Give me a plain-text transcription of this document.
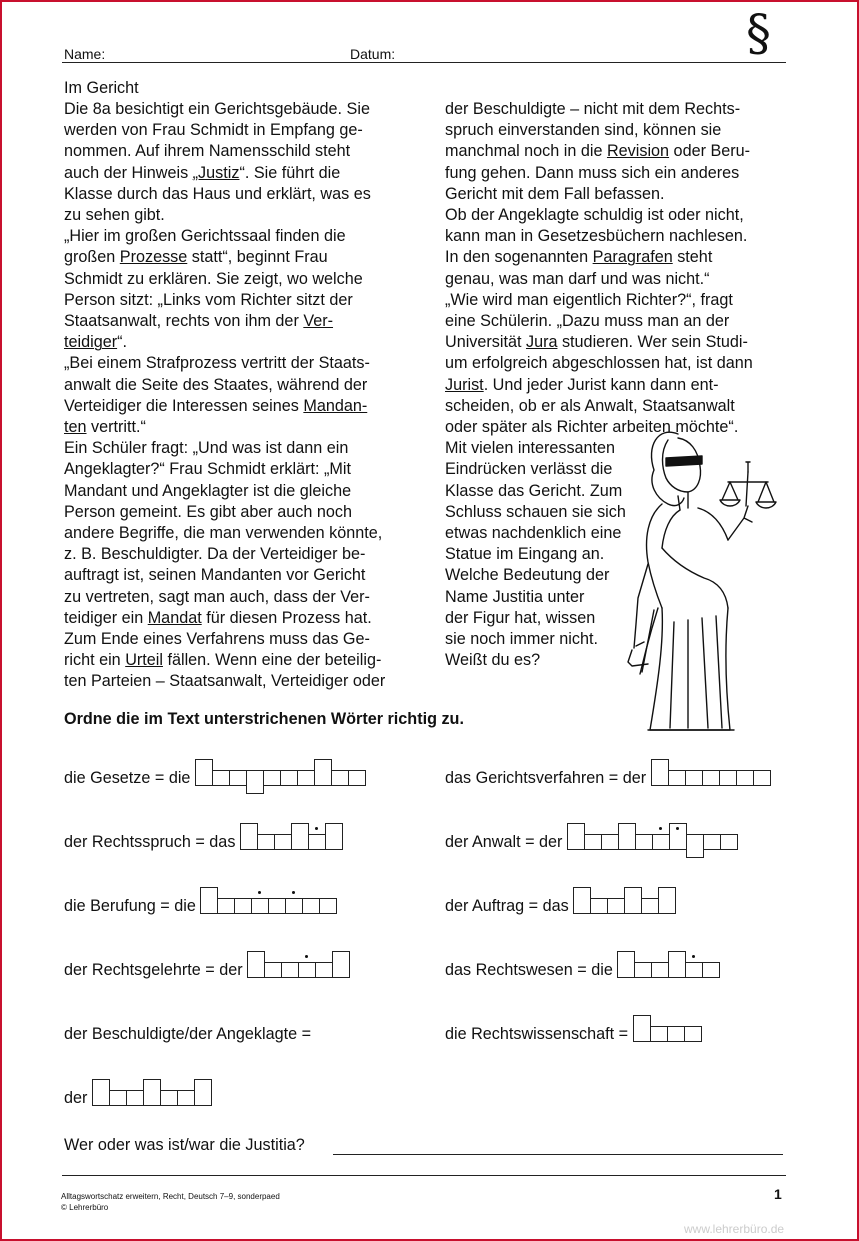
Name:	Datum:	§
Im Gericht
Die 8a besichtigt ein Gerichtsgebäude. Sie
werden von Frau Schmidt in Empfang ge-
nommen. Auf ihrem Namensschild steht
auch der Hinweis „Justiz“. Sie führt die
Klasse durch das Haus und erklärt, was es
zu sehen gibt.
„Hier im großen Gerichtssaal finden die
großen Prozesse statt“, beginnt Frau
Schmidt zu erklären. Sie zeigt, wo welche
Person sitzt: „Links vom Richter sitzt der
Staatsanwalt, rechts von ihm der Ver-
teidiger“.
„Bei einem Strafprozess vertritt der Staats-
anwalt die Seite des Staates, während der
Verteidiger die Interessen seines Mandan-
ten vertritt.“
Ein Schüler fragt: „Und was ist dann ein
Angeklagter?“ Frau Schmidt erklärt: „Mit
Mandant und Angeklagter ist die gleiche
Person gemeint. Es gibt aber auch noch
andere Begriffe, die man verwenden könnte,
z. B. Beschuldigter. Da der Verteidiger be-
auftragt ist, seinen Mandanten vor Gericht
zu vertreten, sagt man auch, dass der Ver-
teidiger ein Mandat für diesen Prozess hat.
Zum Ende eines Verfahrens muss das Ge-
richt ein Urteil fällen. Wenn eine der beteilig-
ten Parteien – Staatsanwalt, Verteidiger oder
der Beschuldigte – nicht mit dem Rechts-
spruch einverstanden sind, können sie
manchmal noch in die Revision oder Beru-
fung gehen. Dann muss sich ein anderes
Gericht mit dem Fall befassen.
Ob der Angeklagte schuldig ist oder nicht,
kann man in Gesetzesbüchern nachlesen.
In den sogenannten Paragrafen steht
genau, was man darf und was nicht.“
„Wie wird man eigentlich Richter?“, fragt
eine Schülerin. „Dazu muss man an der
Universität Jura studieren. Wer sein Studi-
um erfolgreich abgeschlossen hat, ist dann
Jurist. Und jeder Jurist kann dann ent-
scheiden, ob er als Anwalt, Staatsanwalt
oder später als Richter arbeiten möchte“.
Mit vielen interessanten
Eindrücken verlässt die
Klasse das Gericht. Zum
Schluss schauen sie sich
etwas nachdenklich eine
Statue im Eingang an.
Welche Bedeutung der
Name Justitia unter
der Figur hat, wissen
sie noch immer nicht.
Weißt du es?
Ordne die im Text unterstrichenen Wörter richtig zu.
die Gesetze = die	das Gerichtsverfahren = der
der Rechtsspruch = das	der Anwalt = der
die Berufung = die	der Auftrag = das
der Rechtsgelehrte = der	das Rechtswesen = die
der Beschuldigte/der Angeklagte =	die Rechtswissenschaft =
der
Wer oder was ist/war die Justitia?
Alltagswortschatz erweitern, Recht, Deutsch 7–9, sonderpaed
© Lehrerbüro
1
www.lehrerbüro.de
